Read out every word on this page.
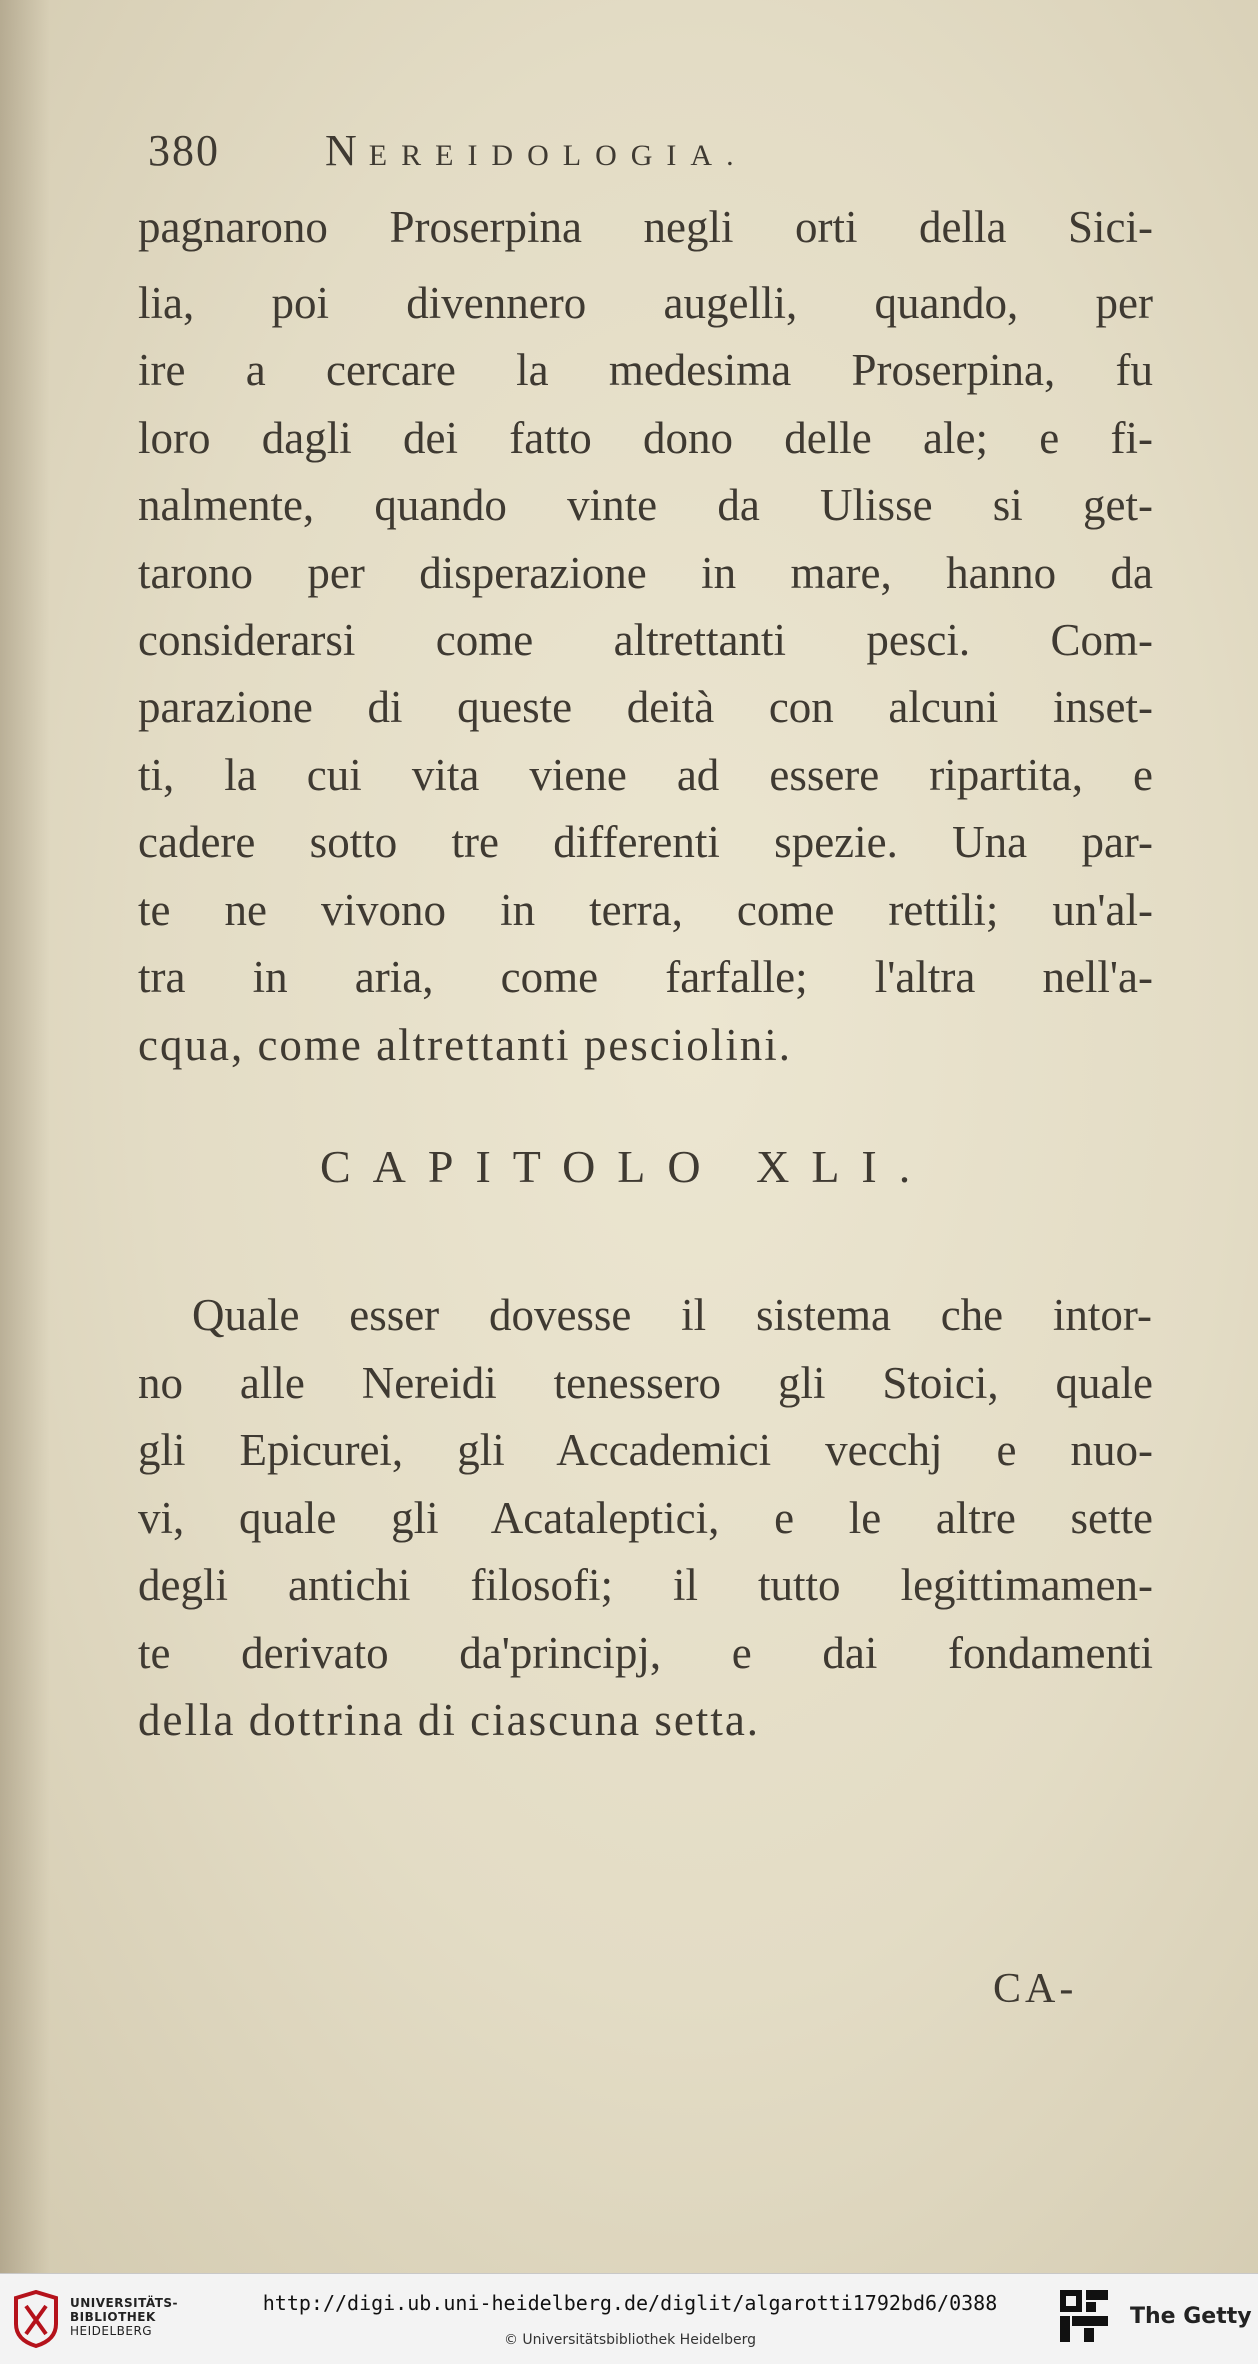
380 NEREIDOLOGIA.
pagnarono Proserpina negli orti della Sici-
lia, poi divennero augelli, quando, per
ire a cercare la medesima Proserpina, fu
loro dagli dei fatto dono delle ale; e fi-
nalmente, quando vinte da Ulisse si get-
tarono per disperazione in mare, hanno da
considerarsi come altrettanti pesci. Com-
parazione di queste deità con alcuni inset-
ti, la cui vita viene ad essere ripartita, e
cadere sotto tre differenti spezie. Una par-
te ne vivono in terra, come rettili; un'al-
tra in aria, come farfalle; l'altra nell'a-
cqua, come altrettanti pesciolini.
CAPITOLO XLI.
Quale esser dovesse il sistema che intor-
no alle Nereidi tenessero gli Stoici, quale
gli Epicurei, gli Accademici vecchj e nuo-
vi, quale gli Acataleptici, e le altre sette
degli antichi filosofi; il tutto legittimamen-
te derivato da'principj, e dai fondamenti
della dottrina di ciascuna setta.
CA-
UNIVERSITÄTS-
BIBLIOTHEK
HEIDELBERG
http://digi.ub.uni-heidelberg.de/diglit/algarotti1792bd6/0388
© Universitätsbibliothek Heidelberg
The Getty
